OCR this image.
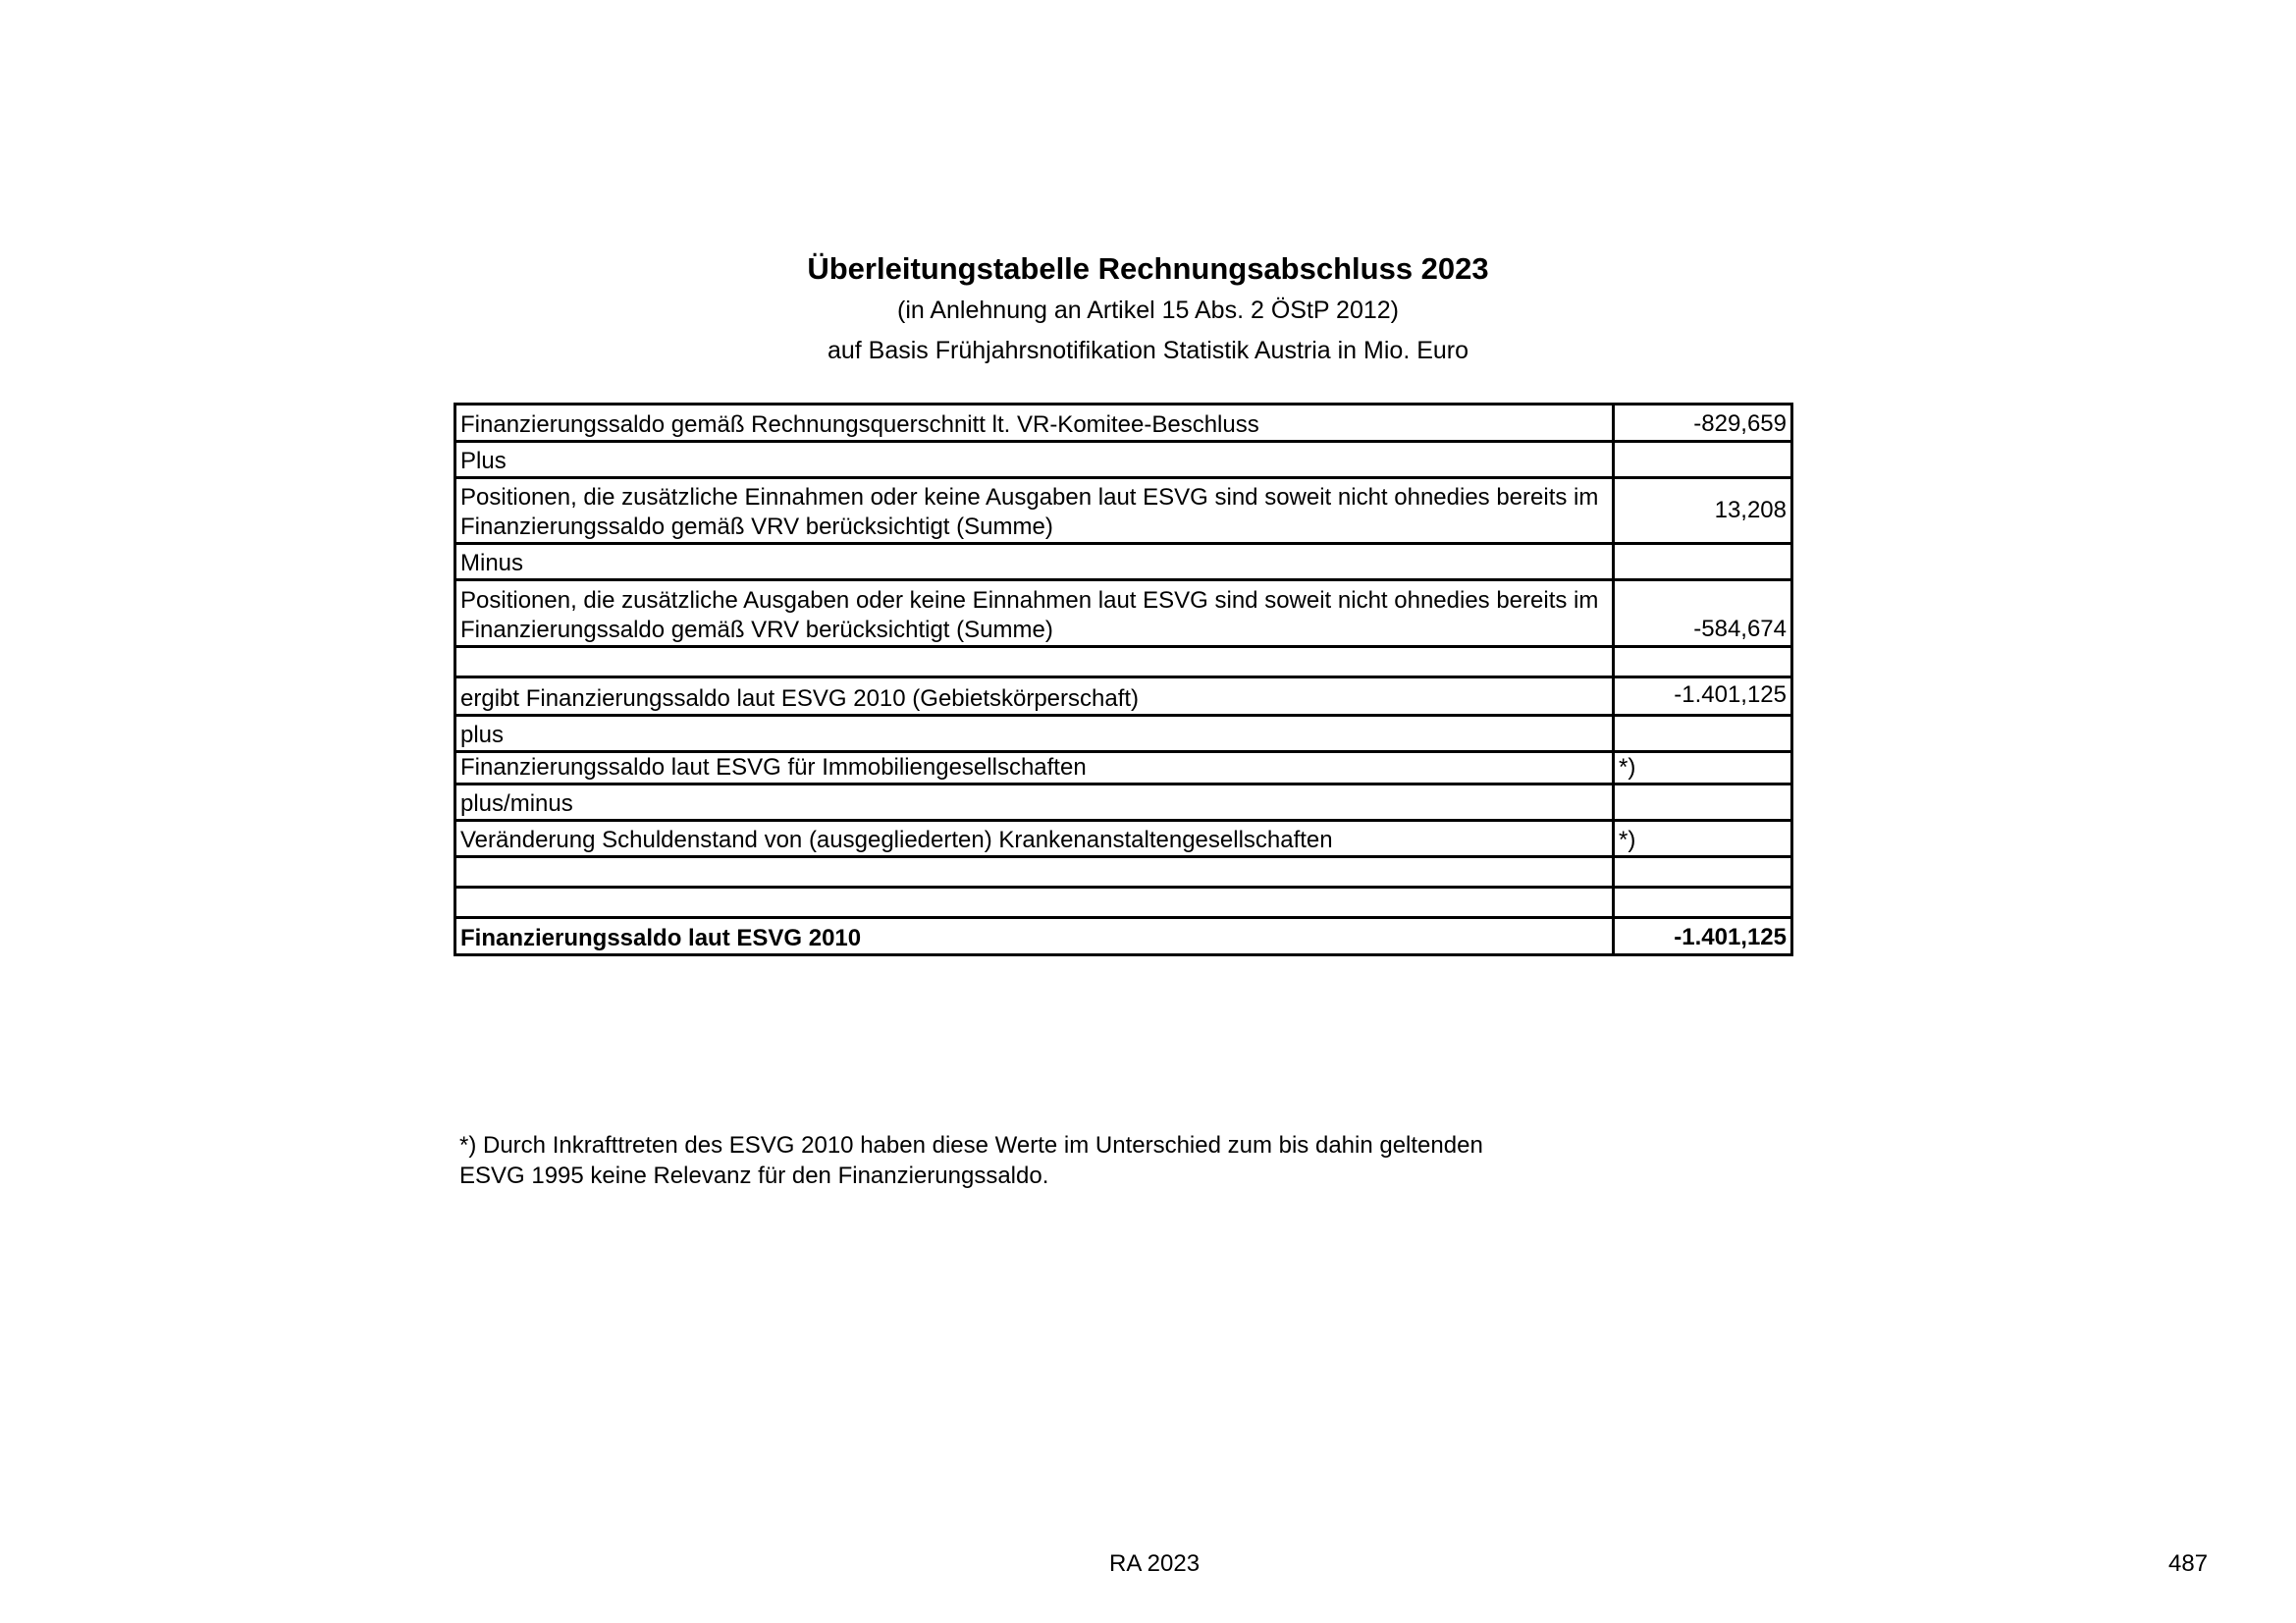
Überleitungstabelle Rechnungsabschluss 2023

(in Anlehnung an Artikel 15 Abs. 2 ÖStP 2012)

auf Basis Frühjahrsnotifikation Statistik Austria in Mio. Euro

Finanzierungssaldo gemäß Rechnungsquerschnitt lt. VR-Komitee-Beschluss	-829,659
Plus	
Positionen, die zusätzliche Einnahmen oder keine Ausgaben laut ESVG sind soweit nicht ohnedies bereits im Finanzierungssaldo gemäß VRV berücksichtigt (Summe)	13,208
Minus	
Positionen, die zusätzliche Ausgaben oder keine Einnahmen laut ESVG sind soweit nicht ohnedies bereits im Finanzierungssaldo gemäß VRV berücksichtigt (Summe)	-584,674

ergibt Finanzierungssaldo laut ESVG 2010 (Gebietskörperschaft)	-1.401,125
plus	
Finanzierungssaldo laut ESVG für Immobiliengesellschaften	*)
plus/minus	
Veränderung Schuldenstand von (ausgegliederten) Krankenanstaltengesellschaften	*)

Finanzierungssaldo laut ESVG 2010	-1.401,125

*) Durch Inkrafttreten des ESVG 2010 haben diese Werte im Unterschied zum bis dahin geltenden

ESVG 1995 keine Relevanz für den Finanzierungssaldo.

RA 2023	487
